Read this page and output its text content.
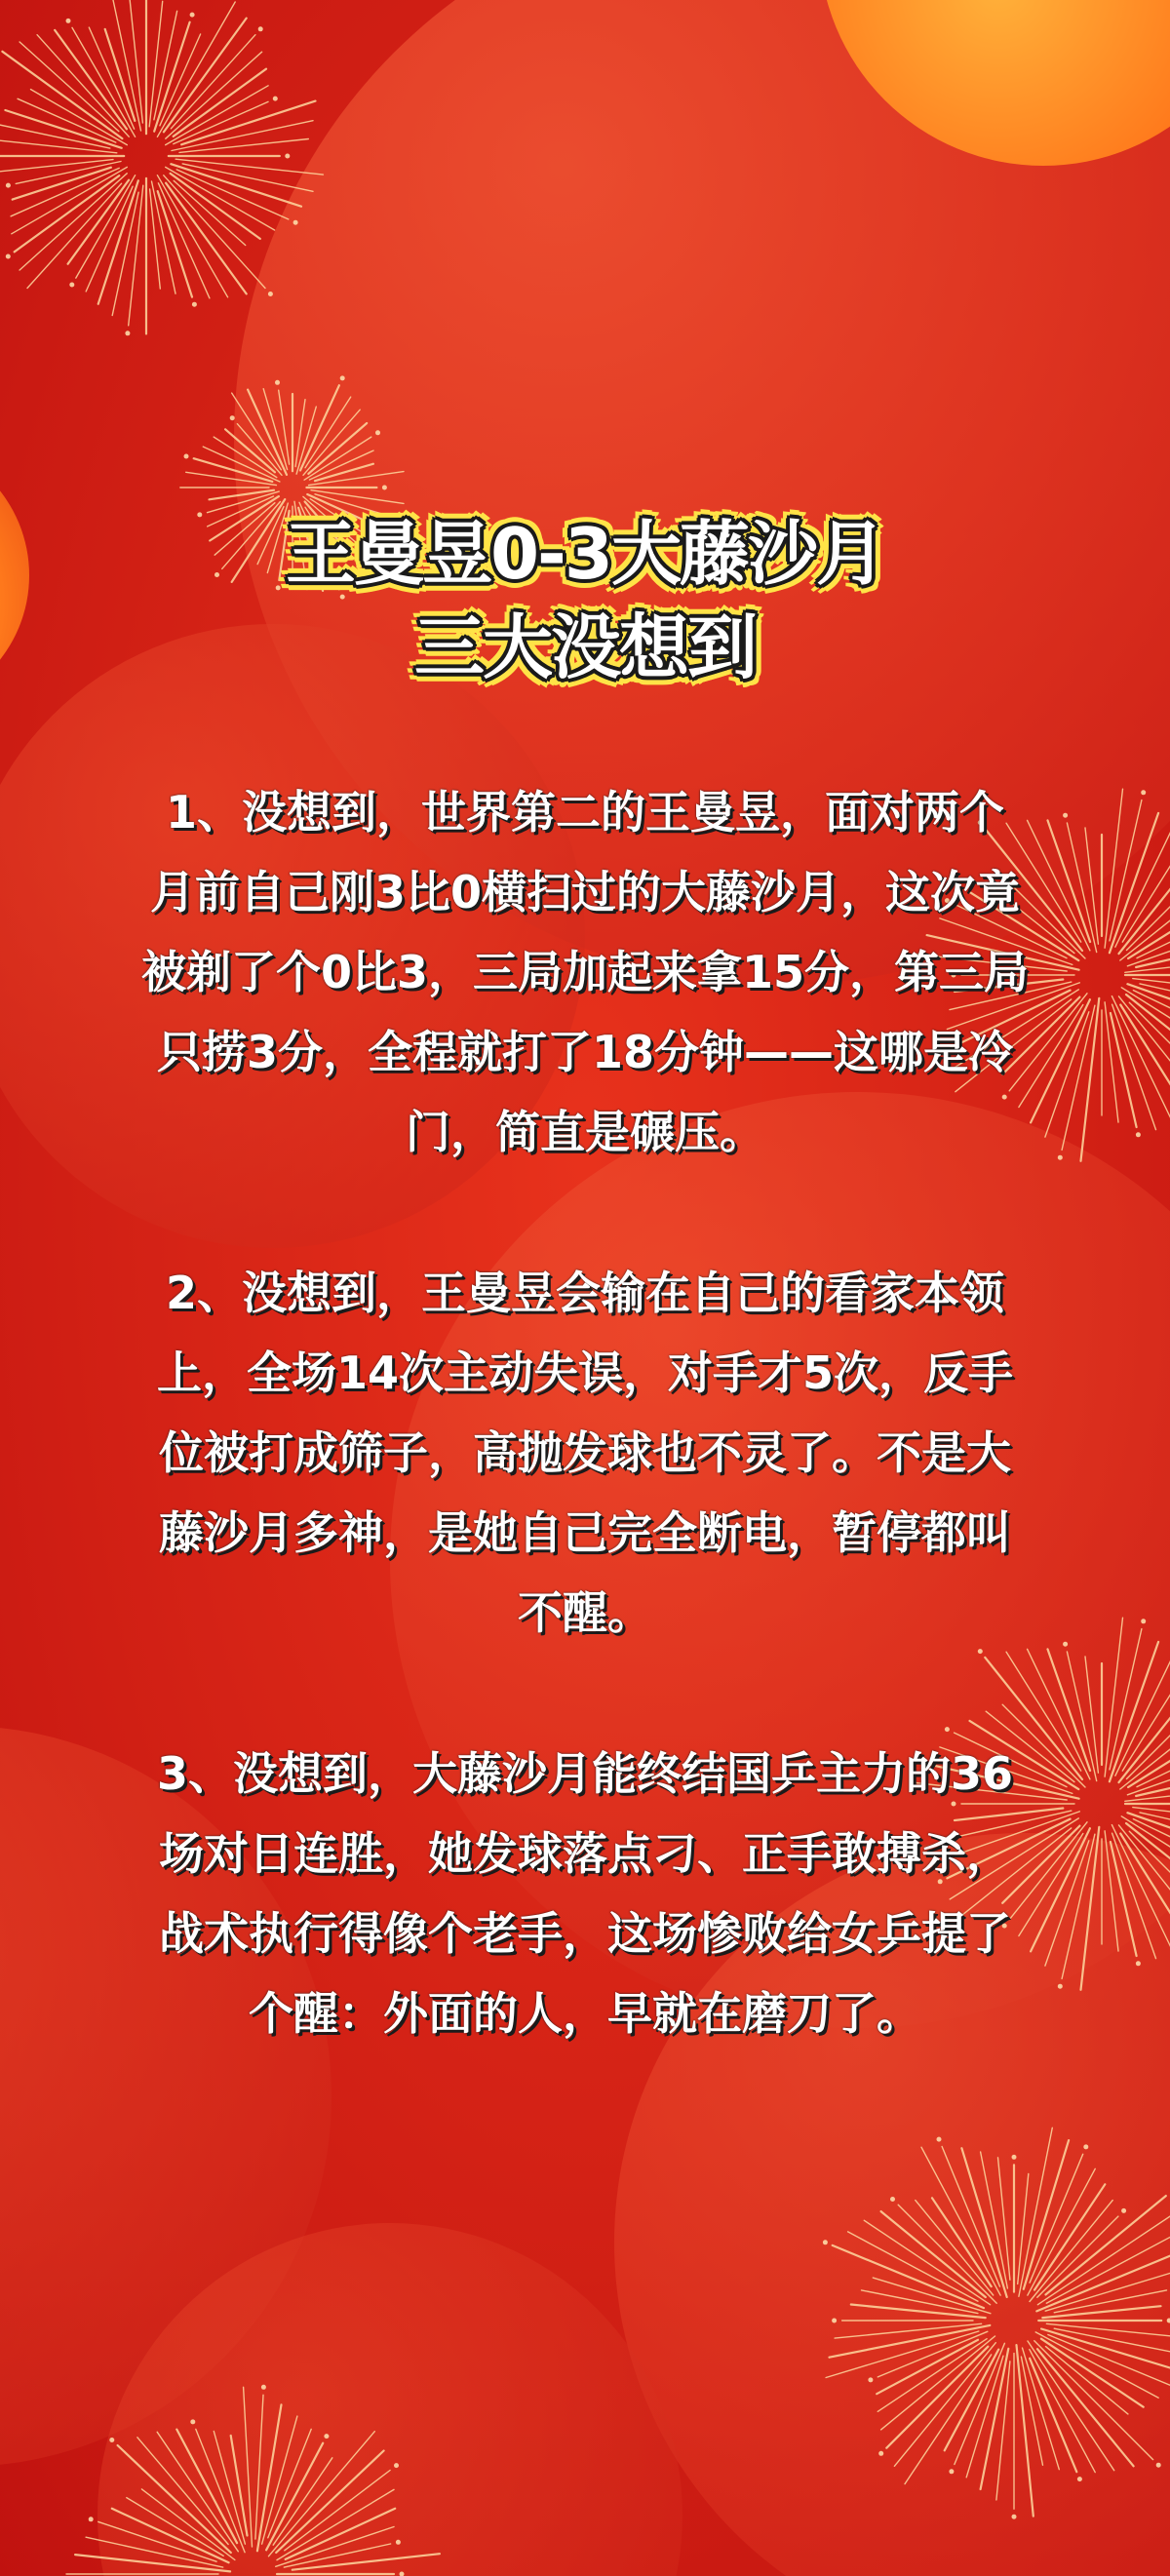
王曼昱0-3大藤沙月
三大没想到
1、没想到，世界第二的王曼昱，面对两个
月前自己刚3比0横扫过的大藤沙月，这次竟
被剃了个0比3，三局加起来拿15分，第三局
只捞3分，全程就打了18分钟——这哪是冷
门，简直是碾压。
2、没想到，王曼昱会输在自己的看家本领
上，全场14次主动失误，对手才5次，反手
位被打成筛子，高抛发球也不灵了。不是大
藤沙月多神，是她自己完全断电，暂停都叫
不醒。
3、没想到，大藤沙月能终结国乒主力的36
场对日连胜，她发球落点刁、正手敢搏杀，
战术执行得像个老手，这场惨败给女乒提了
个醒：外面的人，早就在磨刀了。
